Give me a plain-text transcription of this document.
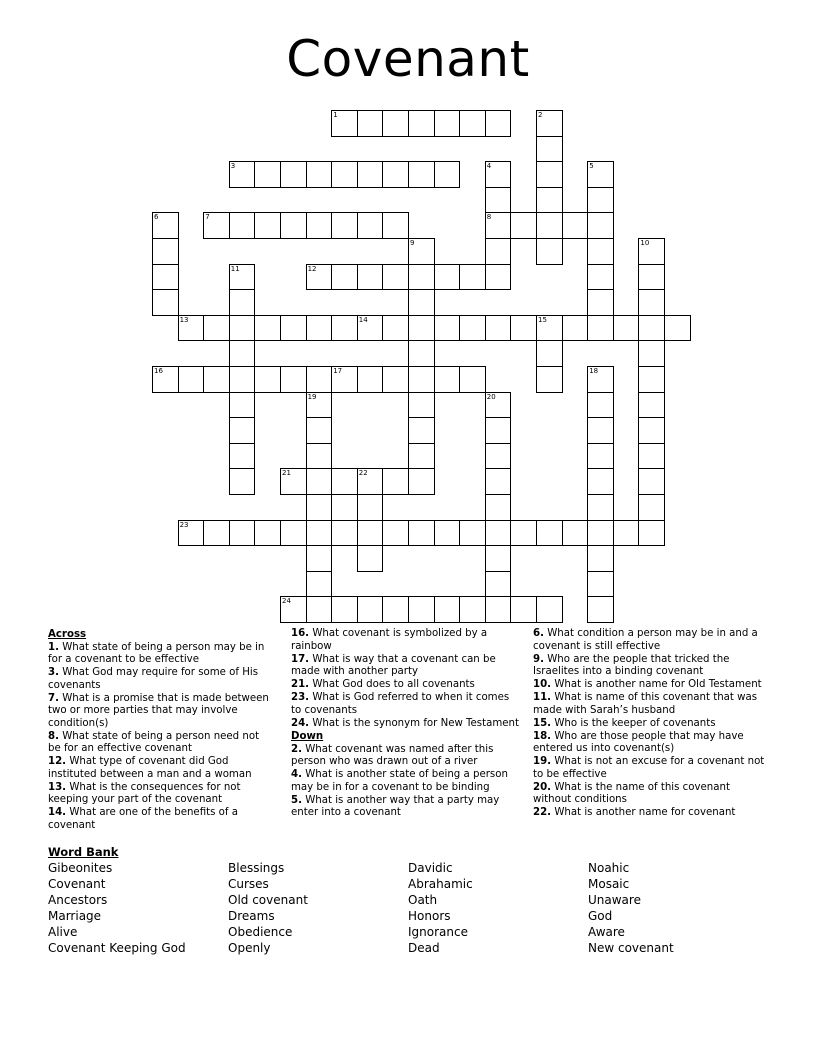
Covenant
1
3
7	8
12
13	14	15
16	17
21	22
23
24
2
4	5
6
9	10
11
18
19	20
Across
1. What state of being a person may be in for a covenant to be effective
3. What God may require for some of His covenants
7. What is a promise that is made between two or more parties that may involve condition(s)
8. What state of being a person need not be for an effective covenant
12. What type of covenant did God instituted between a man and a woman
13. What is the consequences for not keeping your part of the covenant
14. What are one of the benefits of a covenant
16. What covenant is symbolized by a rainbow
17. What is way that a covenant can be made with another party
21. What God does to all covenants
23. What is God referred to when it comes to covenants
24. What is the synonym for New Testament
Down
2. What covenant was named after this person who was drawn out of a river
4. What is another state of being a person may be in for a covenant to be binding
5. What is another way that a party may enter into a covenant
6. What condition a person may be in and a covenant is still effective
9. Who are the people that tricked the Israelites into a binding covenant
10. What is another name for Old Testament
11. What is name of this covenant that was made with Sarah’s husband
15. Who is the keeper of covenants
18. Who are those people that may have entered us into covenant(s)
19. What is not an excuse for a covenant not to be effective
20. What is the name of this covenant without conditions
22. What is another name for covenant
Word Bank
Gibeonites	Blessings	Davidic	Noahic
Covenant	Curses	Abrahamic	Mosaic
Ancestors	Old covenant	Oath	Unaware
Marriage	Dreams	Honors	God
Alive	Obedience	Ignorance	Aware
Covenant Keeping God	Openly	Dead	New covenant
